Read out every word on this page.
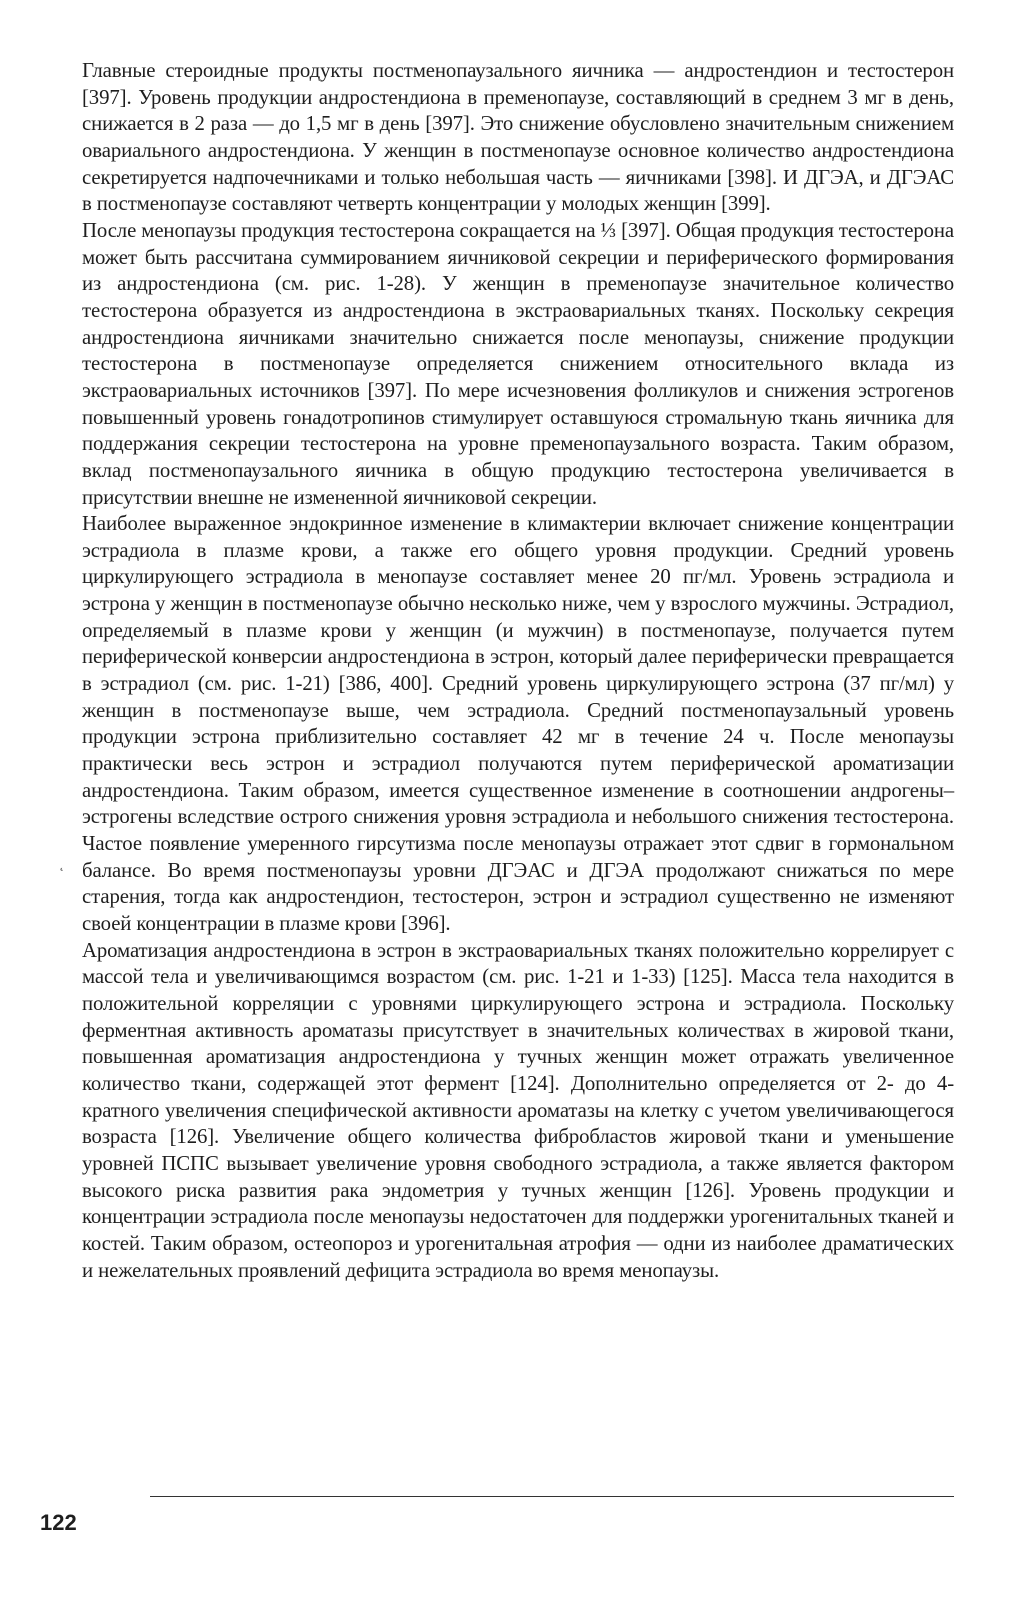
Главные стероидные продукты постменопаузального яичника — андростендион и тестостерон [397]. Уровень продукции андростендиона в пременопаузе, составляющий в среднем 3 мг в день, снижается в 2 раза — до 1,5 мг в день [397]. Это снижение обусловлено значительным снижением овариального андростендиона. У женщин в постменопаузе основное количество андростендиона секретируется надпочечниками и только небольшая часть — яичниками [398]. И ДГЭА, и ДГЭАС в постменопаузе составляют четверть концентрации у молодых женщин [399].

После менопаузы продукция тестостерона сокращается на ⅓ [397]. Общая продукция тестостерона может быть рассчитана суммированием яичниковой секреции и периферического формирования из андростендиона (см. рис. 1-28). У женщин в пременопаузе значительное количество тестостерона образуется из андростендиона в экстраовариальных тканях. Поскольку секреция андростендиона яичниками значительно снижается после менопаузы, снижение продукции тестостерона в постменопаузе определяется снижением относительного вклада из экстраовариальных источников [397]. По мере исчезновения фолликулов и снижения эстрогенов повышенный уровень гонадотропинов стимулирует оставшуюся стромальную ткань яичника для поддержания секреции тестостерона на уровне пременопаузального возраста. Таким образом, вклад постменопаузального яичника в общую продукцию тестостерона увеличивается в присутствии внешне не измененной яичниковой секреции.

Наиболее выраженное эндокринное изменение в климактерии включает снижение концентрации эстрадиола в плазме крови, а также его общего уровня продукции. Средний уровень циркулирующего эстрадиола в менопаузе составляет менее 20 пг/мл. Уровень эстрадиола и эстрона у женщин в постменопаузе обычно несколько ниже, чем у взрослого мужчины. Эстрадиол, определяемый в плазме крови у женщин (и мужчин) в постменопаузе, получается путем периферической конверсии андростендиона в эстрон, который далее периферически превращается в эстрадиол (см. рис. 1-21) [386, 400]. Средний уровень циркулирующего эстрона (37 пг/мл) у женщин в постменопаузе выше, чем эстрадиола. Средний постменопаузальный уровень продукции эстрона приблизительно составляет 42 мг в течение 24 ч. После менопаузы практически весь эстрон и эстрадиол получаются путем периферической ароматизации андростендиона. Таким образом, имеется существенное изменение в соотношении андрогены–эстрогены вследствие острого снижения уровня эстрадиола и небольшого снижения тестостерона. Частое появление умеренного гирсутизма после менопаузы отражает этот сдвиг в гормональном балансе. Во время постменопаузы уровни ДГЭАС и ДГЭА продолжают снижаться по мере старения, тогда как андростендион, тестостерон, эстрон и эстрадиол существенно не изменяют своей концентрации в плазме крови [396].

Ароматизация андростендиона в эстрон в экстраовариальных тканях положительно коррелирует с массой тела и увеличивающимся возрастом (см. рис. 1-21 и 1-33) [125]. Масса тела находится в положительной корреляции с уровнями циркулирующего эстрона и эстрадиола. Поскольку ферментная активность ароматазы присутствует в значительных количествах в жировой ткани, повышенная ароматизация андростендиона у тучных женщин может отражать увеличенное количество ткани, содержащей этот фермент [124]. Дополнительно определяется от 2- до 4-кратного увеличения специфической активности ароматазы на клетку с учетом увеличивающегося возраста [126]. Увеличение общего количества фибробластов жировой ткани и уменьшение уровней ПСПС вызывает увеличение уровня свободного эстрадиола, а также является фактором высокого риска развития рака эндометрия у тучных женщин [126]. Уровень продукции и концентрации эстрадиола после менопаузы недостаточен для поддержки урогенитальных тканей и костей. Таким образом, остеопороз и урогенитальная атрофия — одни из наиболее драматических и нежелательных проявлений дефицита эстрадиола во время менопаузы.

˛
122
